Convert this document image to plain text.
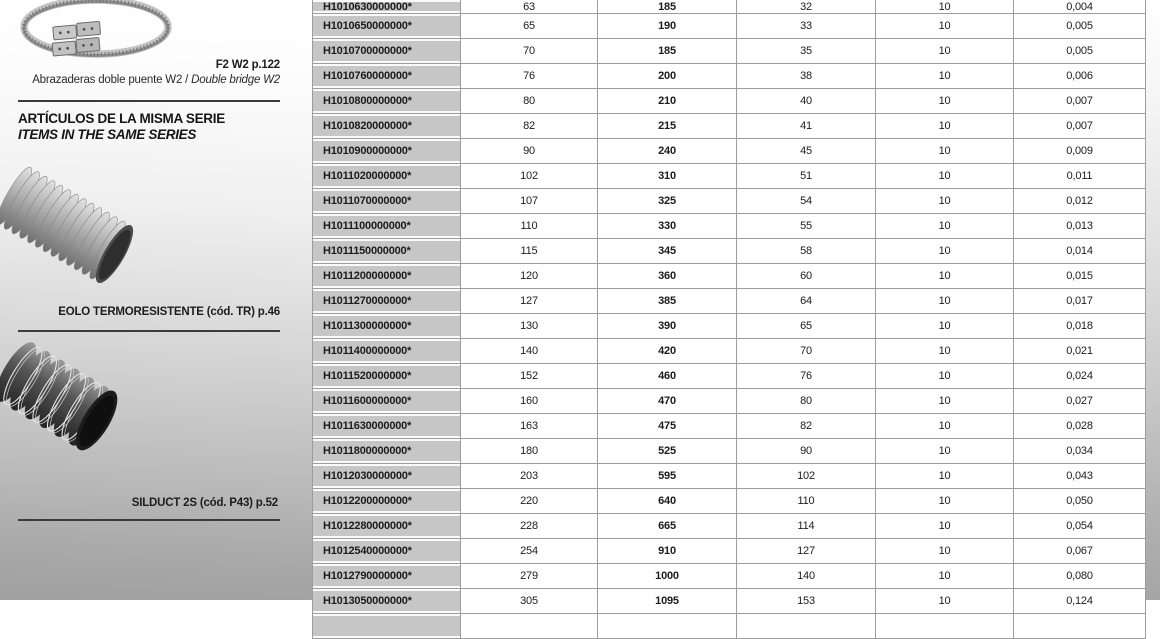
F2 W2 p.122
Abrazaderas doble puente W2 / Double bridge W2
ARTÍCULOS DE LA MISMA SERIE
ITEMS IN THE SAME SERIES
EOLO TERMORESISTENTE (cód. TR) p.46
SILDUCT 2S (cód. P43) p.52
H1010630000000*	63	185	32	10	0,004
H1010650000000*	65	190	33	10	0,005
H1010700000000*	70	185	35	10	0,005
H1010760000000*	76	200	38	10	0,006
H1010800000000*	80	210	40	10	0,007
H1010820000000*	82	215	41	10	0,007
H1010900000000*	90	240	45	10	0,009
H1011020000000*	102	310	51	10	0,011
H1011070000000*	107	325	54	10	0,012
H1011100000000*	110	330	55	10	0,013
H1011150000000*	115	345	58	10	0,014
H1011200000000*	120	360	60	10	0,015
H1011270000000*	127	385	64	10	0,017
H1011300000000*	130	390	65	10	0,018
H1011400000000*	140	420	70	10	0,021
H1011520000000*	152	460	76	10	0,024
H1011600000000*	160	470	80	10	0,027
H1011630000000*	163	475	82	10	0,028
H1011800000000*	180	525	90	10	0,034
H1012030000000*	203	595	102	10	0,043
H1012200000000*	220	640	110	10	0,050
H1012280000000*	228	665	114	10	0,054
H1012540000000*	254	910	127	10	0,067
H1012790000000*	279	1000	140	10	0,080
H1013050000000*	305	1095	153	10	0,124
